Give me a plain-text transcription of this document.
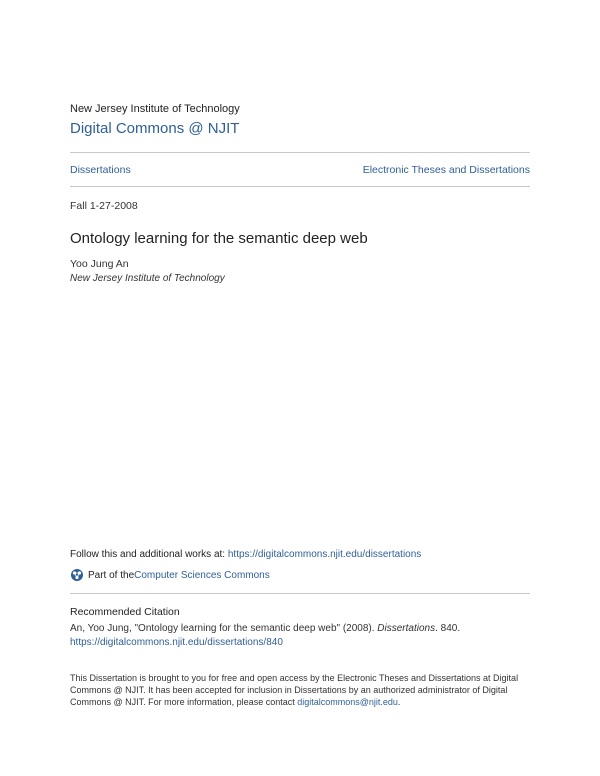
New Jersey Institute of Technology
Digital Commons @ NJIT
Dissertations	Electronic Theses and Dissertations
Fall 1-27-2008
Ontology learning for the semantic deep web
Yoo Jung An
New Jersey Institute of Technology
Follow this and additional works at: https://digitalcommons.njit.edu/dissertations
Part of the Computer Sciences Commons
Recommended Citation
An, Yoo Jung, "Ontology learning for the semantic deep web" (2008). Dissertations. 840.
https://digitalcommons.njit.edu/dissertations/840
This Dissertation is brought to you for free and open access by the Electronic Theses and Dissertations at Digital Commons @ NJIT. It has been accepted for inclusion in Dissertations by an authorized administrator of Digital Commons @ NJIT. For more information, please contact digitalcommons@njit.edu.
